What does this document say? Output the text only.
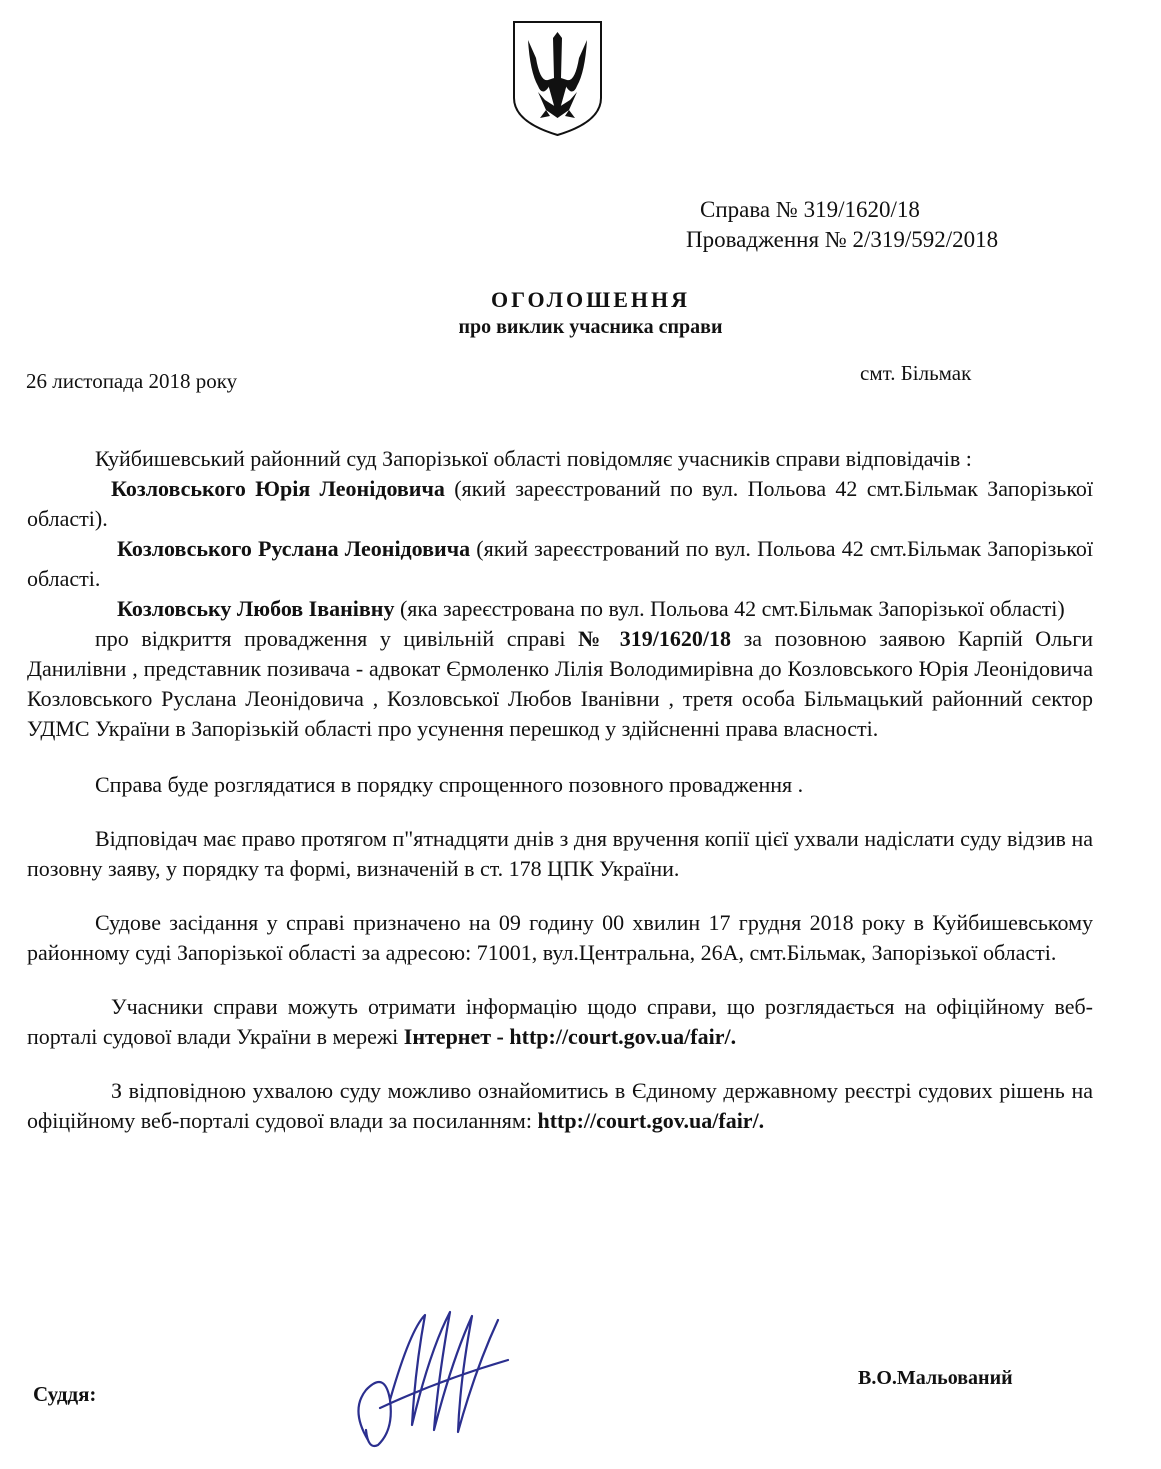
Справа № 319/1620/18
Провадження № 2/319/592/2018
ОГОЛОШЕННЯ
про виклик учасника справи
26 листопада 2018 року	смт. Більмак

Куйбишевський районний суд Запорізької області повідомляє учасників справи відповідачів :

Козловського Юрія Леонідовича (який зареєстрований по вул. Польова 42 смт.Більмак Запорізької області).

Козловського Руслана Леонідовича (який зареєстрований по вул. Польова 42 смт.Більмак Запорізької області.

Козловську Любов Іванівну (яка зареєстрована по вул. Польова 42 смт.Більмак Запорізької області)

про відкриття провадження у цивільній справі № 319/1620/18 за позовною заявою Карпій Ольги Данилівни , представник позивача - адвокат Єрмоленко Лілія Володимирівна до Козловського Юрія Леонідовича Козловського Руслана Леонідовича , Козловської Любов Іванівни , третя особа Більмацький районний сектор УДМС України в Запорізькій області про усунення перешкод у здійсненні права власності.

Справа буде розглядатися в порядку спрощенного позовного провадження .

Відповідач має право протягом п"ятнадцяти днів з дня вручення копії цієї ухвали надіслати суду відзив на позовну заяву, у порядку та формі, визначеній в ст. 178 ЦПК України.

Судове засідання у справі призначено на 09 годину 00 хвилин 17 грудня 2018 року в Куйбишевському районному суді Запорізької області за адресою: 71001, вул.Центральна, 26А, смт.Більмак, Запорізької області.

Учасники справи можуть отримати інформацію щодо справи, що розглядається на офіційному веб-порталі судової влади України в мережі Інтернет - http://court.gov.ua/fair/.

З відповідною ухвалою суду можливо ознайомитись в Єдиному державному реєстрі судових рішень на офіційному веб-порталі судової влади за посиланням: http://court.gov.ua/fair/.

Суддя:
В.О.Мальований
